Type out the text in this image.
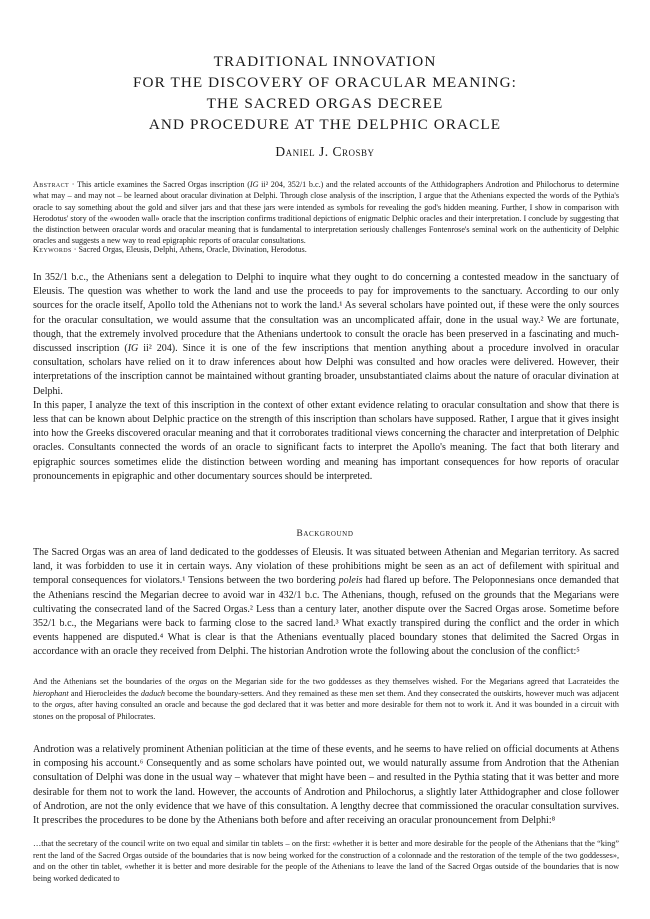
TRADITIONAL INNOVATION
FOR THE DISCOVERY OF ORACULAR MEANING:
THE SACRED ORGAS DECREE
AND PROCEDURE AT THE DELPHIC ORACLE
Daniel J. Crosby
Abstract · This article examines the Sacred Orgas inscription (IG ii² 204, 352/1 b.c.) and the related accounts of the Atthidographers Androtion and Philochorus to determine what may – and may not – be learned about oracular divination at Delphi. Through close analysis of the inscription, I argue that the Athenians expected the words of the Pythia's oracle to say something about the gold and silver jars and that these jars were intended as symbols for revealing the god's hidden meaning. Further, I show in comparison with Herodotus' story of the «wooden wall» oracle that the inscription confirms traditional depictions of enigmatic Delphic oracles and their interpretation. I conclude by suggesting that the distinction between oracular words and oracular meaning that is fundamental to interpretation seriously challenges Fontenrose's seminal work on the authenticity of Delphic oracles and suggests a new way to read epigraphic reports of oracular consultations.
Keywords · Sacred Orgas, Eleusis, Delphi, Athens, Oracle, Divination, Herodotus.

In 352/1 b.c., the Athenians sent a delegation to Delphi to inquire what they ought to do concerning a contested meadow in the sanctuary of Eleusis. The question was whether to work the land and use the proceeds to pay for improvements to the sanctuary. According to our only sources for the oracle itself, Apollo told the Athenians not to work the land.¹ As several scholars have pointed out, if these were the only sources for the oracular consultation, we would assume that the consultation was an uncomplicated affair, done in the usual way.² We are fortunate, though, that the extremely involved procedure that the Athenians undertook to consult the oracle has been preserved in a fascinating and much-discussed inscription (IG ii² 204). Since it is one of the few inscriptions that mention anything about a procedure involved in oracular consultation, scholars have relied on it to draw inferences about how Delphi was consulted and how oracles were delivered. However, their interpretations of the inscription cannot be maintained without granting broader, unsubstantiated claims about the nature of oracular divination at Delphi.

In this paper, I analyze the text of this inscription in the context of other extant evidence relating to oracular consultation and show that there is less that can be known about Delphic practice on the strength of this inscription than scholars have supposed. Rather, I argue that it gives insight into how the Greeks discovered oracular meaning and that it corroborates traditional views concerning the character and interpretation of Delphic oracles. Consultants connected the words of an oracle to significant facts to interpret the Apollo's meaning. The fact that both literary and epigraphic sources sometimes elide the distinction between wording and meaning has important consequences for how reports of oracular pronouncements in epigraphic and other documentary sources should be interpreted.

Background
The Sacred Orgas was an area of land dedicated to the goddesses of Eleusis. It was situated between Athenian and Megarian territory. As sacred land, it was forbidden to use it in certain ways. Any violation of these prohibitions might be seen as an act of defilement with spiritual and temporal consequences for violators.¹ Tensions between the two bordering poleis had flared up before. The Peloponnesians once demanded that the Athenians rescind the Megarian decree to avoid war in 432/1 b.c. The Athenians, though, refused on the grounds that the Megarians were cultivating the consecrated land of the Sacred Orgas.² Less than a century later, another dispute over the Sacred Orgas arose. Sometime before 352/1 b.c., the Megarians were back to farming close to the sacred land.³ What exactly transpired during the conflict and the order in which events happened are disputed.⁴ What is clear is that the Athenians eventually placed boundary stones that delimited the Sacred Orgas in accordance with an oracle they received from Delphi. The historian Androtion wrote the following about the conclusion of the conflict:⁵
And the Athenians set the boundaries of the orgas on the Megarian side for the two goddesses as they themselves wished. For the Megarians agreed that Lacrateides the hierophant and Hierocleides the daduch become the boundary-setters. And they remained as these men set them. And they consecrated the outskirts, however much was adjacent to the orgas, after having consulted an oracle and because the god declared that it was better and more desirable for them not to work it. And it was bounded in a circuit with stones on the proposal of Philocrates.
Androtion was a relatively prominent Athenian politician at the time of these events, and he seems to have relied on official documents at Athens in composing his account.⁶ Consequently and as some scholars have pointed out, we would naturally assume from Androtion that the Athenian consultation of Delphi was done in the usual way – whatever that might have been – and resulted in the Pythia stating that it was better and more desirable for them not to work the land. However, the accounts of Androtion and Philochorus, a slightly later Atthidographer and close follower of Androtion, are not the only evidence that we have of this consultation. A lengthy decree that commissioned the oracular consultation survives. It prescribes the procedures to be done by the Athenians both before and after receiving an oracular pronouncement from Delphi:⁸
…that the secretary of the council write on two equal and similar tin tablets – on the first: «whether it is better and more desirable for the people of the Athenians that the “king” rent the land of the Sacred Orgas outside of the boundaries that is now being worked for the construction of a colonnade and the restoration of the temple of the two goddesses», and on the other tin tablet, «whether it is better and more desirable for the people of the Athenians to leave the land of the Sacred Orgas outside of the boundaries that is now being worked dedicated to
